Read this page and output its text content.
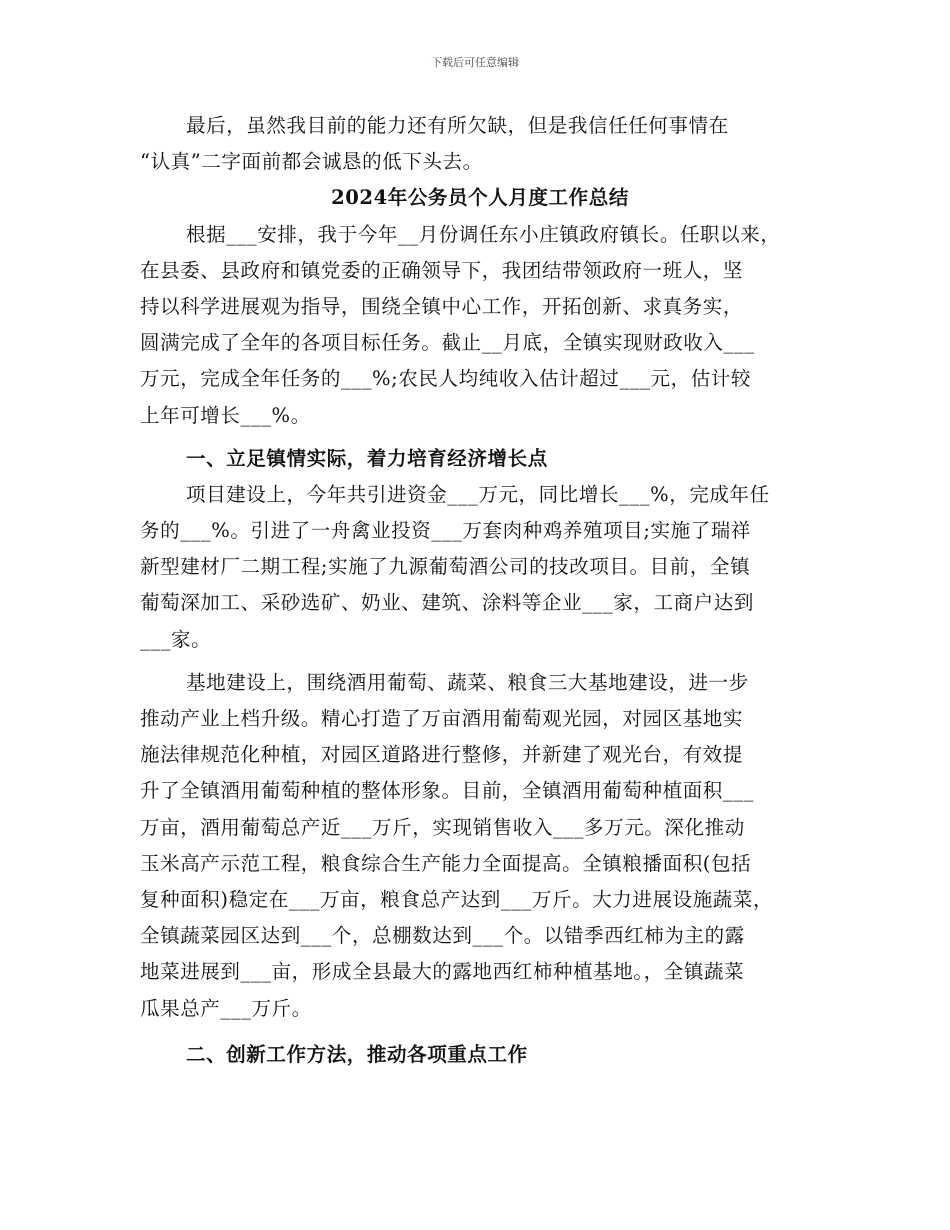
下载后可任意编辑
最后，虽然我目前的能力还有所欠缺，但是我信任任何事情在
“认真”二字面前都会诚恳的低下头去。
2024年公务员个人月度工作总结
根据___安排，我于今年__月份调任东小庄镇政府镇长。任职以来，
在县委、县政府和镇党委的正确领导下，我团结带领政府一班人，坚
持以科学进展观为指导，围绕全镇中心工作，开拓创新、求真务实，
圆满完成了全年的各项目标任务。截止__月底，全镇实现财政收入___
万元，完成全年任务的___%;农民人均纯收入估计超过___元，估计较
上年可增长___%。
一、立足镇情实际，着力培育经济增长点
项目建设上，今年共引进资金___万元，同比增长___%，完成年任
务的___%。引进了一舟禽业投资___万套肉种鸡养殖项目;实施了瑞祥
新型建材厂二期工程;实施了九源葡萄酒公司的技改项目。目前，全镇
葡萄深加工、采砂选矿、奶业、建筑、涂料等企业___家，工商户达到
___家。
基地建设上，围绕酒用葡萄、蔬菜、粮食三大基地建设，进一步
推动产业上档升级。精心打造了万亩酒用葡萄观光园，对园区基地实
施法律规范化种植，对园区道路进行整修，并新建了观光台，有效提
升了全镇酒用葡萄种植的整体形象。目前，全镇酒用葡萄种植面积___
万亩，酒用葡萄总产近___万斤，实现销售收入___多万元。深化推动
玉米高产示范工程，粮食综合生产能力全面提高。全镇粮播面积(包括
复种面积)稳定在___万亩，粮食总产达到___万斤。大力进展设施蔬菜，
全镇蔬菜园区达到___个，总棚数达到___个。以错季西红柿为主的露
地菜进展到___亩，形成全县最大的露地西红柿种植基地。，全镇蔬菜
瓜果总产___万斤。
二、创新工作方法，推动各项重点工作
